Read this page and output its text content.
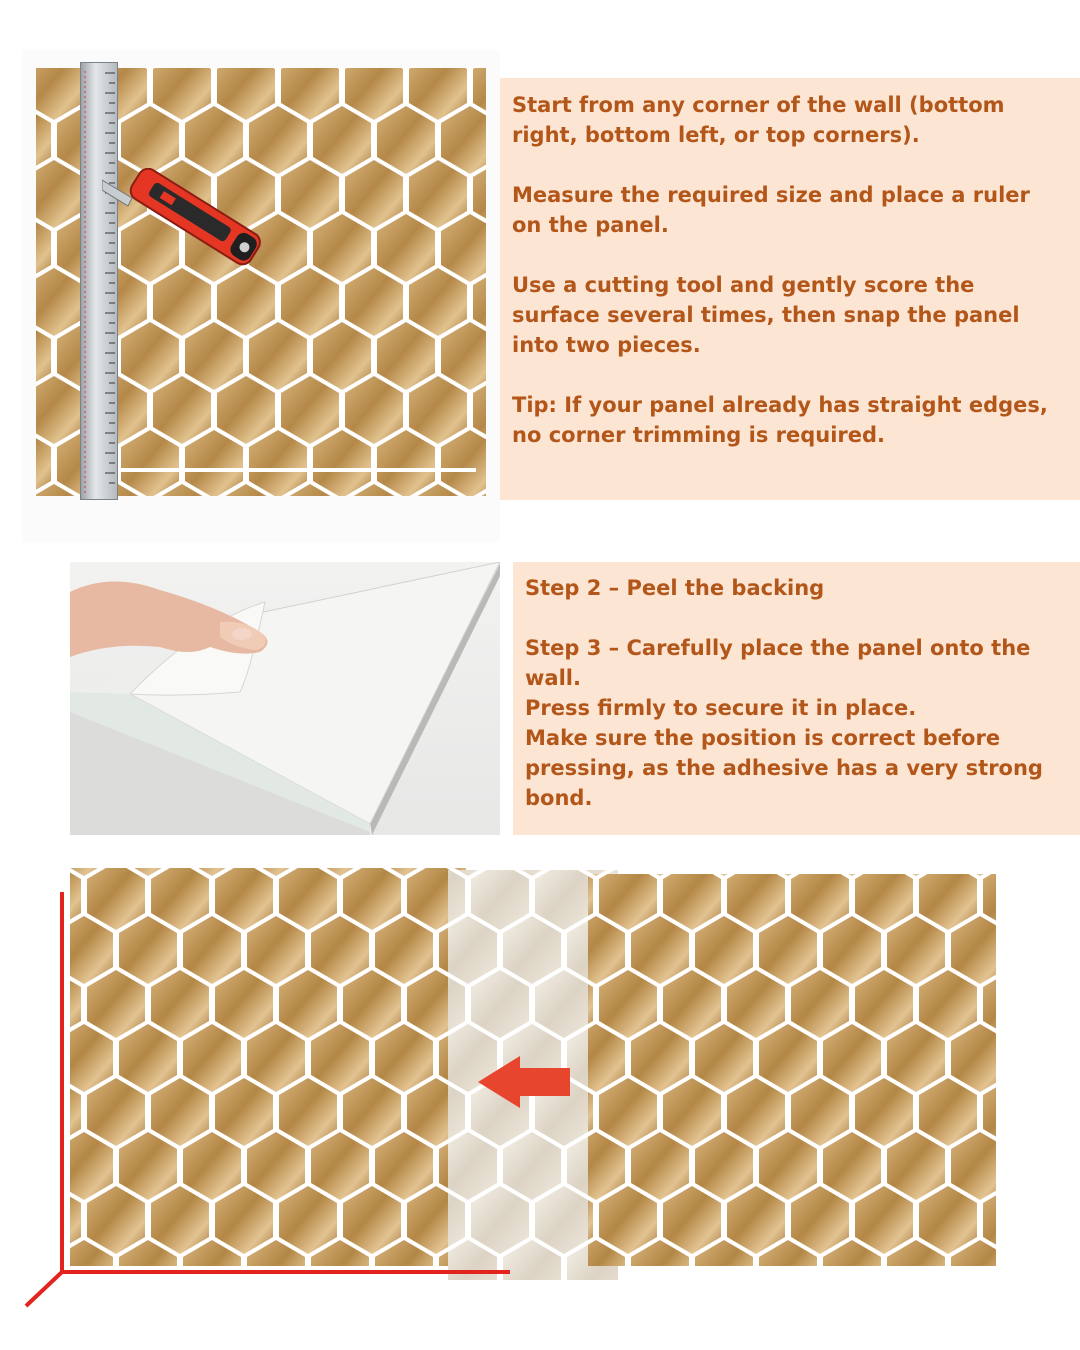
Start from any corner of the wall (bottom right, bottom left, or top corners).

Measure the required size and place a ruler on the panel.

Use a cutting tool and gently score the surface several times, then snap the panel into two pieces.

Tip: If your panel already has straight edges, no corner trimming is required.

Step 2 – Peel the backing

Step 3 – Carefully place the panel onto the wall.
Press firmly to secure it in place.
Make sure the position is correct before pressing, as the adhesive has a very strong bond.
